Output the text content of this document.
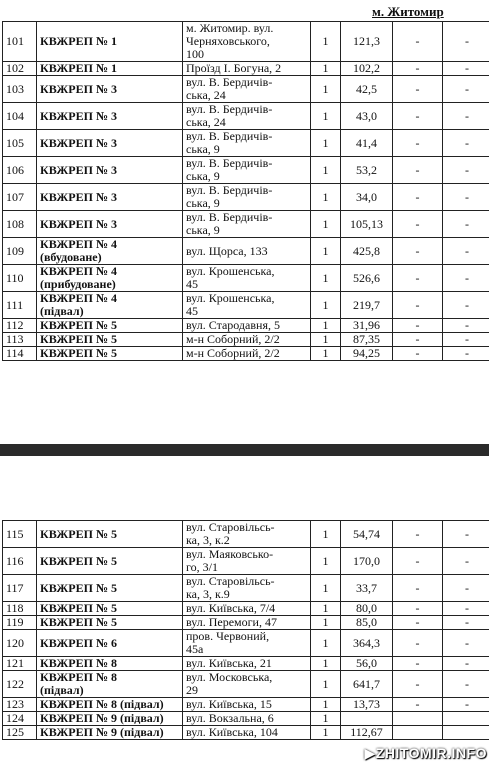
м. Житомир
101	КВЖРЕП № 1	м. Житомир. вул.
Черняховського,
100	1	121,3	-	-
102	КВЖРЕП № 1	Проїзд І. Богуна, 2	1	102,2	-	-
103	КВЖРЕП № 3	вул. В. Бердичів-
ська, 24	1	42,5	-	-
104	КВЖРЕП № 3	вул. В. Бердичів-
ська, 24	1	43,0	-	-
105	КВЖРЕП № 3	вул. В. Бердичів-
ська, 9	1	41,4	-	-
106	КВЖРЕП № 3	вул. В. Бердичів-
ська, 9	1	53,2	-	-
107	КВЖРЕП № 3	вул. В. Бердичів-
ська, 9	1	34,0	-	-
108	КВЖРЕП № 3	вул. В. Бердичів-
ська, 9	1	105,13	-	-
109	КВЖРЕП № 4
(вбудоване)	вул. Щорса, 133	1	425,8	-	-
110	КВЖРЕП № 4
(прибудоване)	вул. Крошенська,
45	1	526,6	-	-
111	КВЖРЕП № 4
(підвал)	вул. Крошенська,
45	1	219,7	-	-
112	КВЖРЕП № 5	вул. Стародавня, 5	1	31,96	-	-
113	КВЖРЕП № 5	м-н Соборний, 2/2	1	87,35	-	-
114	КВЖРЕП № 5	м-н Соборний, 2/2	1	94,25	-	-
115	КВЖРЕП № 5	вул. Старовільсь-
ка, 3, к.2	1	54,74	-	-
116	КВЖРЕП № 5	вул. Маяковсько-
го, 3/1	1	170,0	-	-
117	КВЖРЕП № 5	вул. Старовільсь-
ка, 3, к.9	1	33,7	-	-
118	КВЖРЕП № 5	вул. Київська, 7/4	1	80,0	-	-
119	КВЖРЕП № 5	вул. Перемоги, 47	1	85,0	-	-
120	КВЖРЕП № 6	пров. Червоний,
45а	1	364,3	-	-
121	КВЖРЕП № 8	вул. Київська, 21	1	56,0	-	-
122	КВЖРЕП № 8
(підвал)	вул. Московська,
29	1	641,7	-	-
123	КВЖРЕП № 8 (підвал)	вул. Київська, 15	1	13,73	-	-
124	КВЖРЕП № 9 (підвал)	вул. Вокзальна, 6	1			
125	КВЖРЕП № 9 (підвал)	вул. Київська, 104	1	112,67		
▶ZHITOMIR.INFO
